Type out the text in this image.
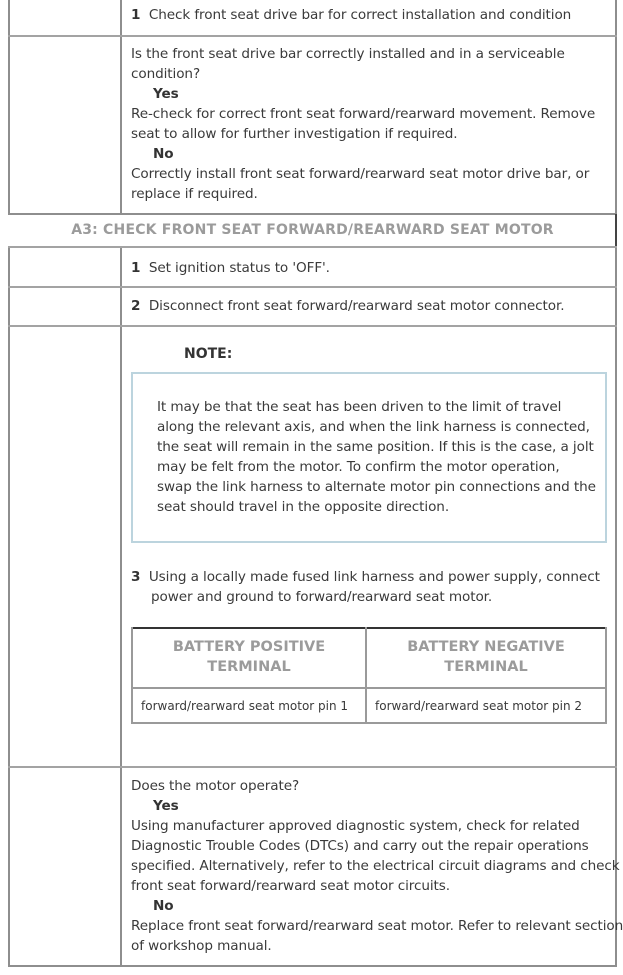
1 Check front seat drive bar for correct installation and condition
Is the front seat drive bar correctly installed and in a serviceable
condition?
Yes
Re-check for correct front seat forward/rearward movement. Remove
seat to allow for further investigation if required.
No
Correctly install front seat forward/rearward seat motor drive bar, or
replace if required.
A3: CHECK FRONT SEAT FORWARD/REARWARD SEAT MOTOR
1 Set ignition status to 'OFF'.
2 Disconnect front seat forward/rearward seat motor connector.
NOTE:
It may be that the seat has been driven to the limit of travel
along the relevant axis, and when the link harness is connected,
the seat will remain in the same position. If this is the case, a jolt
may be felt from the motor. To confirm the motor operation,
swap the link harness to alternate motor pin connections and the
seat should travel in the opposite direction.
3 Using a locally made fused link harness and power supply, connect
power and ground to forward/rearward seat motor.
BATTERY POSITIVE
TERMINAL
BATTERY NEGATIVE
TERMINAL
forward/rearward seat motor pin 1 forward/rearward seat motor pin 2
Does the motor operate?
Yes
Using manufacturer approved diagnostic system, check for related
Diagnostic Trouble Codes (DTCs) and carry out the repair operations
specified. Alternatively, refer to the electrical circuit diagrams and check
front seat forward/rearward seat motor circuits.
No
Replace front seat forward/rearward seat motor. Refer to relevant section
of workshop manual.
